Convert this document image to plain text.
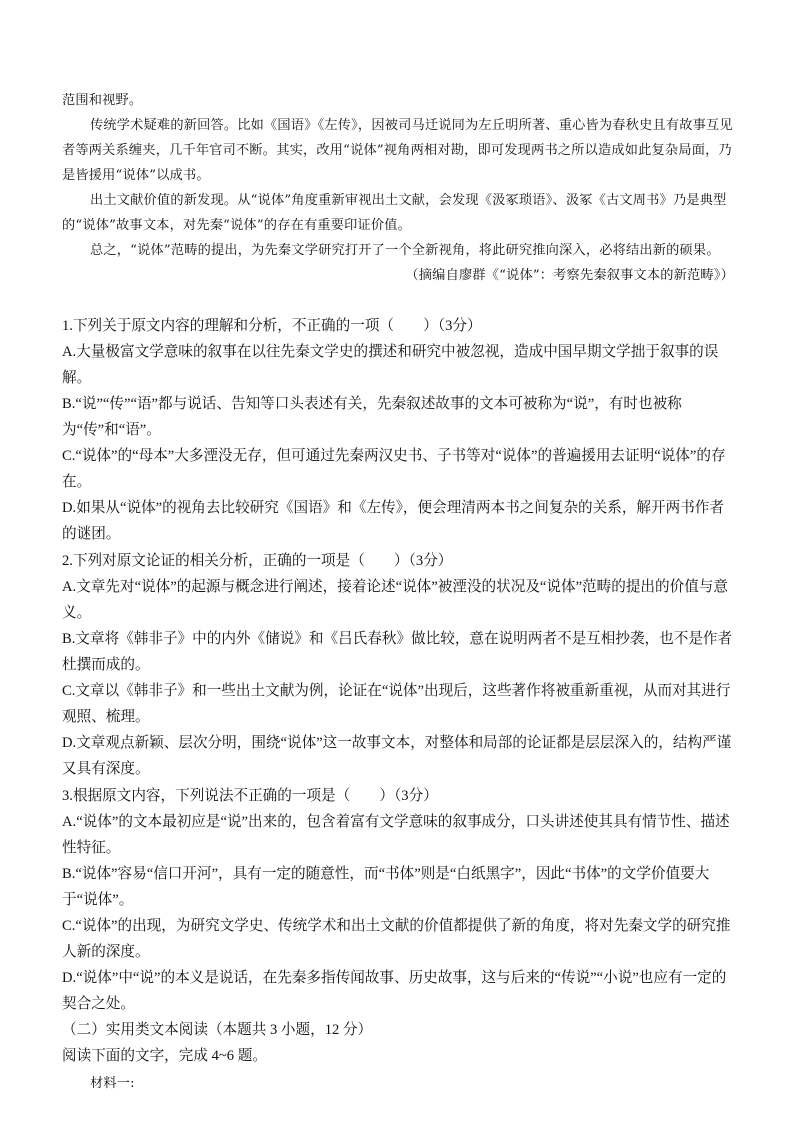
范围和视野。

传统学术疑难的新回答。比如《国语》《左传》，因被司马迁说同为左丘明所著、重心皆为春秋史且有故事互见者等两关系缠夹，几千年官司不断。其实，改用“说体”视角两相对勘，即可发现两书之所以造成如此复杂局面，乃是皆援用“说体”以成书。

出土文献价值的新发现。从“说体”角度重新审视出土文献，会发现《汲冢琐语》、汲冢《古文周书》乃是典型的“说体”故事文本，对先秦“说体”的存在有重要印证价值。

总之，“说体”范畴的提出，为先秦文学研究打开了一个全新视角，将此研究推向深入，必将结出新的硕果。

（摘编自廖群《“说体”：考察先秦叙事文本的新范畴》）

1.下列关于原文内容的理解和分析，不正确的一项（　　）（3分）

A.大量极富文学意味的叙事在以往先秦文学史的撰述和研究中被忽视，造成中国早期文学拙于叙事的误解。

B.“说”“传”“语”都与说话、告知等口头表述有关，先秦叙述故事的文本可被称为“说”，有时也被称为“传”和“语”。

C.“说体”的“母本”大多湮没无存，但可通过先秦两汉史书、子书等对“说体”的普遍援用去证明“说体”的存在。

D.如果从“说体”的视角去比较研究《国语》和《左传》，便会理清两本书之间复杂的关系，解开两书作者的谜团。

2.下列对原文论证的相关分析，正确的一项是（　　）（3分）

A.文章先对“说体”的起源与概念进行阐述，接着论述“说体”被湮没的状况及“说体”范畴的提出的价值与意义。

B.文章将《韩非子》中的内外《储说》和《吕氏春秋》做比较，意在说明两者不是互相抄袭，也不是作者杜撰而成的。

C.文章以《韩非子》和一些出土文献为例，论证在“说体”出现后，这些著作将被重新重视，从而对其进行观照、梳理。

D.文章观点新颖、层次分明，围绕“说体”这一故事文本，对整体和局部的论证都是层层深入的，结构严谨又具有深度。

3.根据原文内容，下列说法不正确的一项是（　　）（3分）

A.“说体”的文本最初应是“说”出来的，包含着富有文学意味的叙事成分，口头讲述使其具有情节性、描述性特征。

B.“说体”容易“信口开河”，具有一定的随意性，而“书体”则是“白纸黑字”，因此“书体”的文学价值要大于“说体”。

C.“说体”的出现，为研究文学史、传统学术和出土文献的价值都提供了新的角度，将对先秦文学的研究推人新的深度。

D.“说体”中“说”的本义是说话，在先秦多指传闻故事、历史故事，这与后来的“传说”“小说”也应有一定的契合之处。

（二）实用类文本阅读（本题共 3 小题，12 分）

阅读下面的文字，完成 4~6 题。

材料一:
